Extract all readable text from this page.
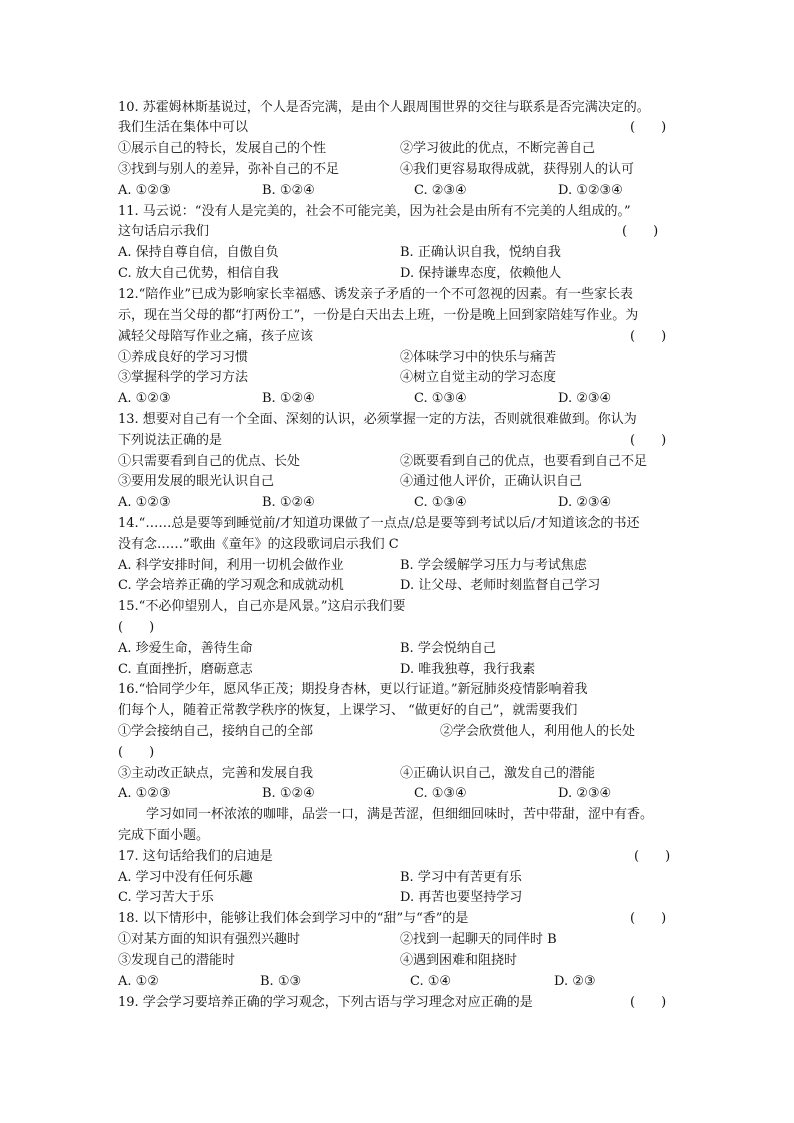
10. 苏霍姆林斯基说过，个人是否完满，是由个人跟周围世界的交往与联系是否完满决定的。
我们生活在集体中可以	(　　)
①展示自己的特长，发展自己的个性	②学习彼此的优点，不断完善自己
③找到与别人的差异，弥补自己的不足	④我们更容易取得成就，获得别人的认可
A. ①②③	B. ①②④	C. ②③④	D. ①②③④
11. 马云说：“没有人是完美的，社会不可能完美，因为社会是由所有不完美的人组成的。”
这句话启示我们	(　　)
A. 保持自尊自信，自傲自负	B. 正确认识自我，悦纳自我
C. 放大自己优势，相信自我	D. 保持谦卑态度，依赖他人
12.“陪作业”已成为影响家长幸福感、诱发亲子矛盾的一个不可忽视的因素。有一些家长表
示，现在当父母的都“打两份工”，一份是白天出去上班，一份是晚上回到家陪娃写作业。为
减轻父母陪写作业之痛，孩子应该	(　　)
①养成良好的学习习惯	②体味学习中的快乐与痛苦
③掌握科学的学习方法	④树立自觉主动的学习态度
A. ①②③	B. ①②④	C. ①③④	D. ②③④
13. 想要对自己有一个全面、深刻的认识，必须掌握一定的方法，否则就很难做到。你认为
下列说法正确的是	(　　)
①只需要看到自己的优点、长处	②既要看到自己的优点，也要看到自己不足
③要用发展的眼光认识自己	④通过他人评价，正确认识自己
A. ①②③	B. ①②④	C. ①③④	D. ②③④
14.“……总是要等到睡觉前/才知道功课做了一点点/总是要等到考试以后/才知道该念的书还
没有念……”歌曲《童年》的这段歌词启示我们 C
A. 科学安排时间，利用一切机会做作业	B. 学会缓解学习压力与考试焦虑
C. 学会培养正确的学习观念和成就动机	D. 让父母、老师时刻监督自己学习
15.“不必仰望别人，自己亦是风景。”这启示我们要
(　　)
A. 珍爱生命，善待生命	B. 学会悦纳自己
C. 直面挫折，磨砺意志	D. 唯我独尊，我行我素
16.“恰同学少年，愿风华正茂；期投身杏林，更以行证道。”新冠肺炎疫情影响着我
们每个人，随着正常教学秩序的恢复，上课学习、 “做更好的自己”，就需要我们
①学会接纳自己，接纳自己的全部	②学会欣赏他人，利用他人的长处
(　　)
③主动改正缺点，完善和发展自我	④正确认识自己，激发自己的潜能
A. ①②③	B. ①②④	C. ①③④	D. ②③④
学习如同一杯浓浓的咖啡，品尝一口，满是苦涩，但细细回味时，苦中带甜，涩中有香。
完成下面小题。
17. 这句话给我们的启迪是	(　　)
A. 学习中没有任何乐趣	B. 学习中有苦更有乐
C. 学习苦大于乐	D. 再苦也要坚持学习
18. 以下情形中，能够让我们体会到学习中的“甜”与“香”的是	(　　)
①对某方面的知识有强烈兴趣时	②找到一起聊天的同伴时 B
③发现自己的潜能时	④遇到困难和阻挠时
A. ①②	B. ①③	C. ①④	D. ②③
19. 学会学习要培养正确的学习观念，下列古语与学习理念对应正确的是	(　　)
